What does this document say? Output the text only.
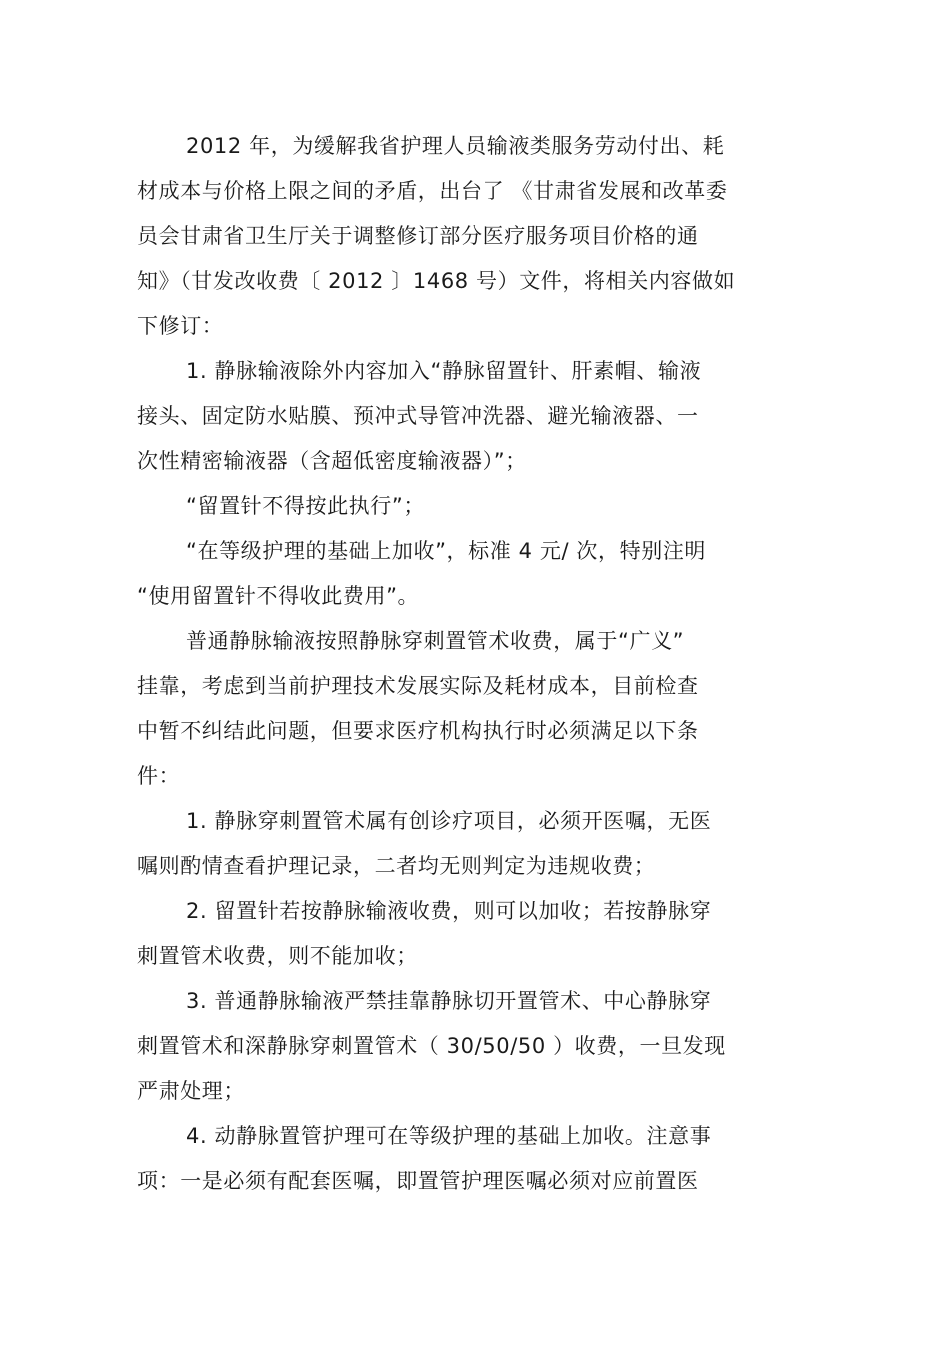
2012 年，为缓解我省护理人员输液类服务劳动付出、耗
材成本与价格上限之间的矛盾，出台了 《甘肃省发展和改革委
员会甘肃省卫生厅关于调整修订部分医疗服务项目价格的通
知》（甘发改收费〔 2012 〕1468 号）文件，将相关内容做如
下修订：
1. 静脉输液除外内容加入“静脉留置针、肝素帽、输液
接头、固定防水贴膜、预冲式导管冲洗器、避光输液器、一
次性精密输液器（含超低密度输液器）”；
“留置针不得按此执行”；
“在等级护理的基础上加收”，标准 4 元/ 次，特别注明
“使用留置针不得收此费用”。
普通静脉输液按照静脉穿刺置管术收费，属于“广义”
挂靠，考虑到当前护理技术发展实际及耗材成本，目前检查
中暂不纠结此问题，但要求医疗机构执行时必须满足以下条
件：
1. 静脉穿刺置管术属有创诊疗项目，必须开医嘱，无医
嘱则酌情查看护理记录，二者均无则判定为违规收费；
2. 留置针若按静脉输液收费，则可以加收；若按静脉穿
刺置管术收费，则不能加收；
3. 普通静脉输液严禁挂靠静脉切开置管术、中心静脉穿
刺置管术和深静脉穿刺置管术（ 30/50/50 ）收费，一旦发现
严肃处理；
4. 动静脉置管护理可在等级护理的基础上加收。注意事
项：一是必须有配套医嘱，即置管护理医嘱必须对应前置医
